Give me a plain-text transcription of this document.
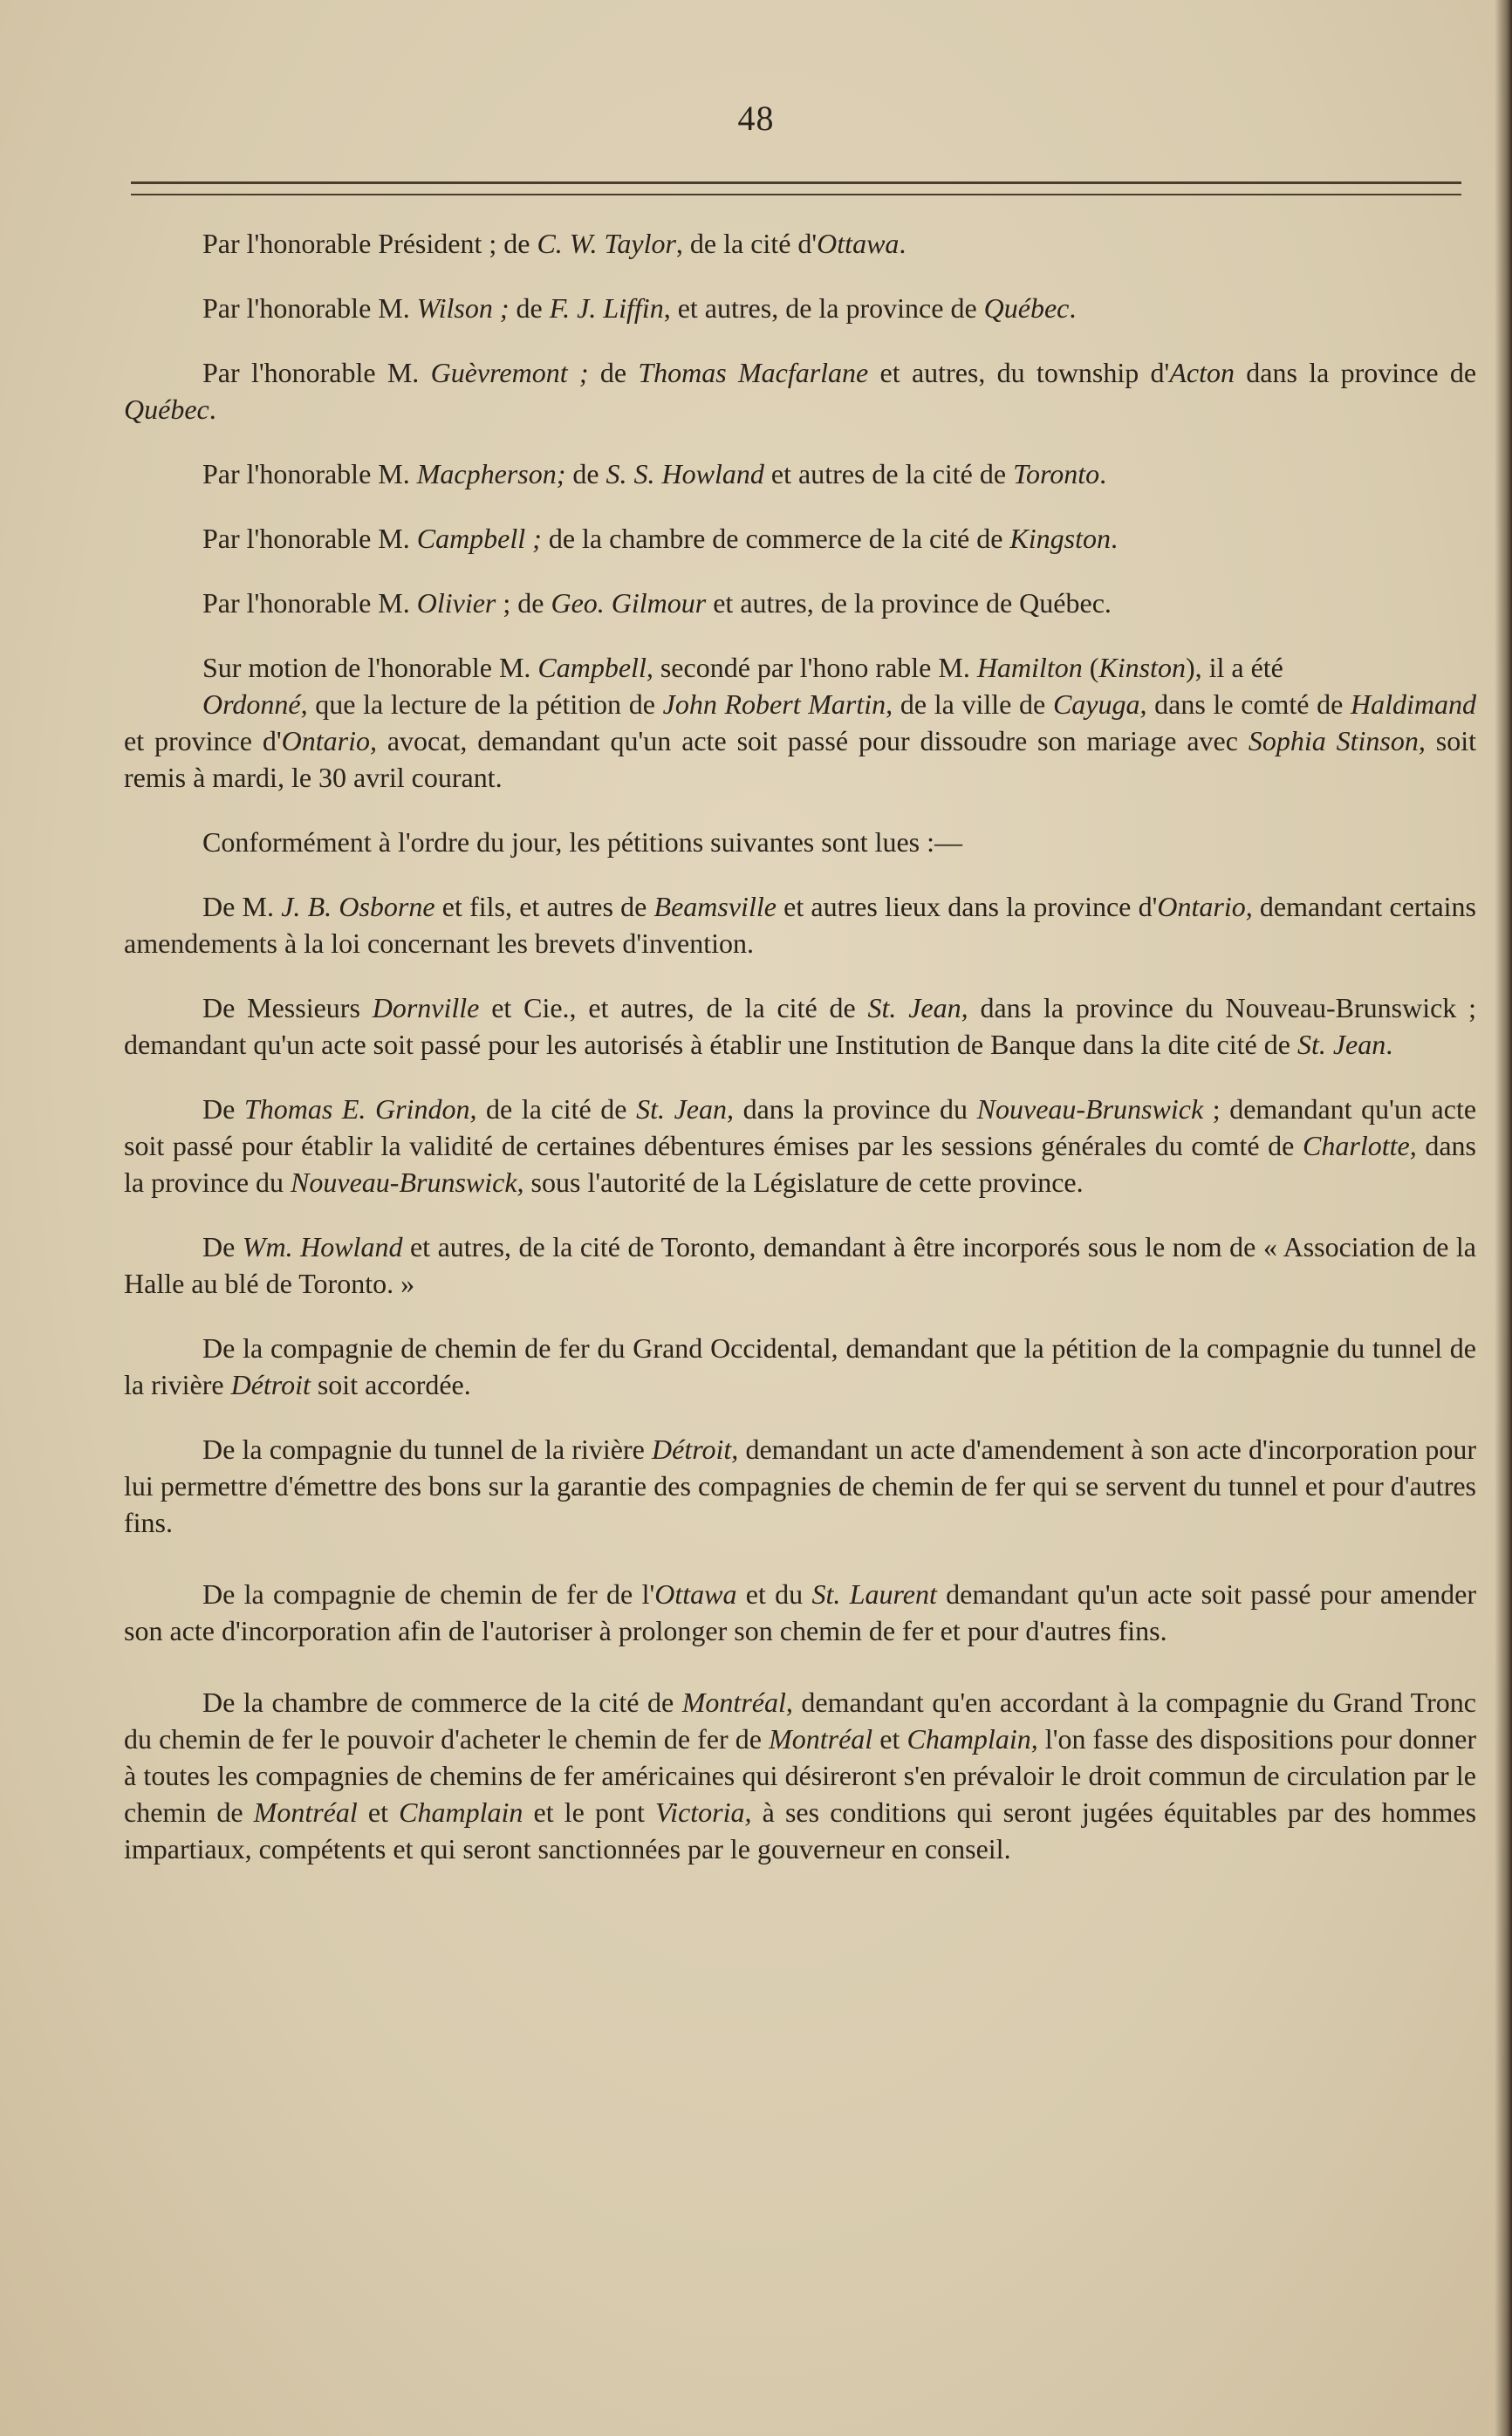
48

Par l'honorable Président ; de C. W. Taylor, de la cité d'Ottawa.

Par l'honorable M. Wilson ; de F. J. Liffin, et autres, de la province de Québec.

Par l'honorable M. Guèvremont ; de Thomas Macfarlane et autres, du township d'Acton dans la province de Québec.

Par l'honorable M. Macpherson; de S. S. Howland et autres de la cité de Toronto.

Par l'honorable M. Campbell ; de la chambre de commerce de la cité de Kingston.

Par l'honorable M. Olivier ; de Geo. Gilmour et autres, de la province de Québec.

Sur motion de l'honorable M. Campbell, secondé par l'hono rable M. Hamilton (Kinston), il a été

Ordonné, que la lecture de la pétition de John Robert Martin, de la ville de Cayuga, dans le comté de Haldimand et province d'Ontario, avocat, demandant qu'un acte soit passé pour dissoudre son mariage avec Sophia Stinson, soit remis à mardi, le 30 avril courant.

Conformément à l'ordre du jour, les pétitions suivantes sont lues :—

De M. J. B. Osborne et fils, et autres de Beamsville et autres lieux dans la province d'Ontario, demandant certains amendements à la loi concernant les brevets d'invention.

De Messieurs Dornville et Cie., et autres, de la cité de St. Jean, dans la province du Nouveau-Brunswick ; demandant qu'un acte soit passé pour les autorisés à établir une Institution de Banque dans la dite cité de St. Jean.

De Thomas E. Grindon, de la cité de St. Jean, dans la province du Nouveau-Brunswick ; demandant qu'un acte soit passé pour établir la validité de certaines débentures émises par les sessions générales du comté de Charlotte, dans la province du Nouveau-Brunswick, sous l'autorité de la Législature de cette province.

De Wm. Howland et autres, de la cité de Toronto, demandant à être incorporés sous le nom de « Association de la Halle au blé de Toronto. »

De la compagnie de chemin de fer du Grand Occidental, demandant que la pétition de la compagnie du tunnel de la rivière Détroit soit accordée.

De la compagnie du tunnel de la rivière Détroit, demandant un acte d'amendement à son acte d'incorporation pour lui permettre d'émettre des bons sur la garantie des compagnies de chemin de fer qui se servent du tunnel et pour d'autres fins.

De la compagnie de chemin de fer de l'Ottawa et du St. Laurent demandant qu'un acte soit passé pour amender son acte d'incorporation afin de l'autoriser à prolonger son chemin de fer et pour d'autres fins.

De la chambre de commerce de la cité de Montréal, demandant qu'en accordant à la compagnie du Grand Tronc du chemin de fer le pouvoir d'acheter le chemin de fer de Montréal et Champlain, l'on fasse des dispositions pour donner à toutes les compagnies de chemins de fer américaines qui désireront s'en prévaloir le droit commun de circulation par le chemin de Montréal et Champlain et le pont Victoria, à ses conditions qui seront jugées équitables par des hommes impartiaux, compétents et qui seront sanctionnées par le gouverneur en conseil.
